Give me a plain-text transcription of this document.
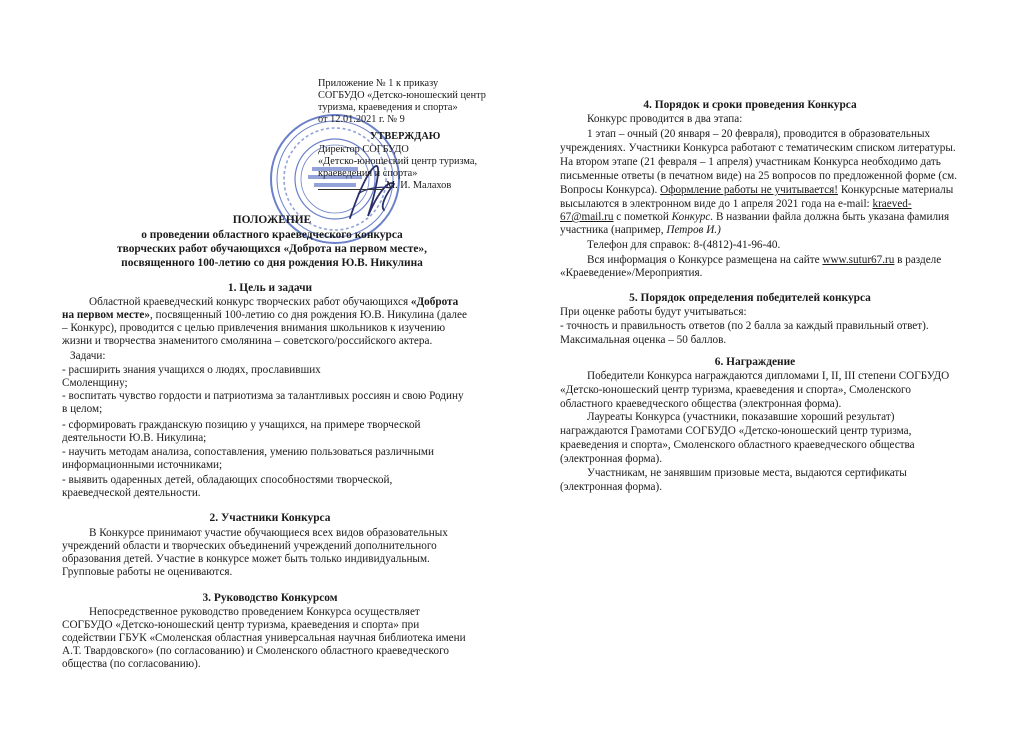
Приложение № 1 к приказу
СОГБУДО «Детско-юношеский центр
туризма, краеведения и спорта»
от 12.01.2021 г. № 9
УТВЕРЖДАЮ
Директор СОГБУДО
«Детско-юношеский центр туризма,
краеведения и спорта»
М. И. Малахов
ПОЛОЖЕНИЕ
о проведении областного краеведческого конкурса
творческих работ обучающихся «Доброта на первом месте»,
посвященного 100-летию со дня рождения Ю.В. Никулина
1. Цель и задачи
Областной краеведческий конкурс творческих работ обучающихся «Доброта
на первом месте», посвященный 100-летию со дня рождения Ю.В. Никулина (далее
– Конкурс), проводится с целью привлечения внимания школьников к изучению
жизни и творчества знаменитого смолянина – советского/российского актера.
Задачи:
- расширить знания учащихся о людях, прославивших
Смоленщину;
- воспитать чувство гордости и патриотизма за талантливых россиян и свою Родину
в целом;
- сформировать гражданскую позицию у учащихся, на примере творческой
деятельности Ю.В. Никулина;
- научить методам анализа, сопоставления, умению пользоваться различными
информационными источниками;
- выявить одаренных детей, обладающих способностями творческой,
краеведческой деятельности.
2. Участники Конкурса
В Конкурсе принимают участие обучающиеся всех видов образовательных
учреждений области и творческих объединений учреждений дополнительного
образования детей. Участие в конкурсе может быть только индивидуальным.
Групповые работы не оцениваются.
3. Руководство Конкурсом
Непосредственное руководство проведением Конкурса осуществляет
СОГБУДО «Детско-юношеский центр туризма, краеведения и спорта» при
содействии ГБУК «Смоленская областная универсальная научная библиотека имени
А.Т. Твардовского» (по согласованию) и Смоленского областного краеведческого
общества (по согласованию).
4. Порядок и сроки проведения Конкурса
Конкурс проводится в два этапа:
1 этап – очный (20 января – 20 февраля), проводится в образовательных
учреждениях. Участники Конкурса работают с тематическим списком литературы.
На втором этапе (21 февраля – 1 апреля) участникам Конкурса необходимо дать
письменные ответы (в печатном виде) на 25 вопросов по предложенной форме (см.
Вопросы Конкурса). Оформление работы не учитывается! Конкурсные материалы
высылаются в электронном виде до 1 апреля 2021 года на e-mail: kraeved-
67@mail.ru с пометкой Конкурс. В названии файла должна быть указана фамилия
участника (например, Петров И.)
Телефон для справок: 8-(4812)-41-96-40.
Вся информация о Конкурсе размещена на сайте www.sutur67.ru в разделе
«Краеведение»/Мероприятия.
5. Порядок определения победителей конкурса
При оценке работы будут учитываться:
- точность и правильность ответов (по 2 балла за каждый правильный ответ).
Максимальная оценка – 50 баллов.
6. Награждение
Победители Конкурса награждаются дипломами I, II, III степени СОГБУДО
«Детско-юношеский центр туризма, краеведения и спорта», Смоленского
областного краеведческого общества (электронная форма).
Лауреаты Конкурса (участники, показавшие хороший результат)
награждаются Грамотами СОГБУДО «Детско-юношеский центр туризма,
краеведения и спорта», Смоленского областного краеведческого общества
(электронная форма).
Участникам, не занявшим призовые места, выдаются сертификаты
(электронная форма).
